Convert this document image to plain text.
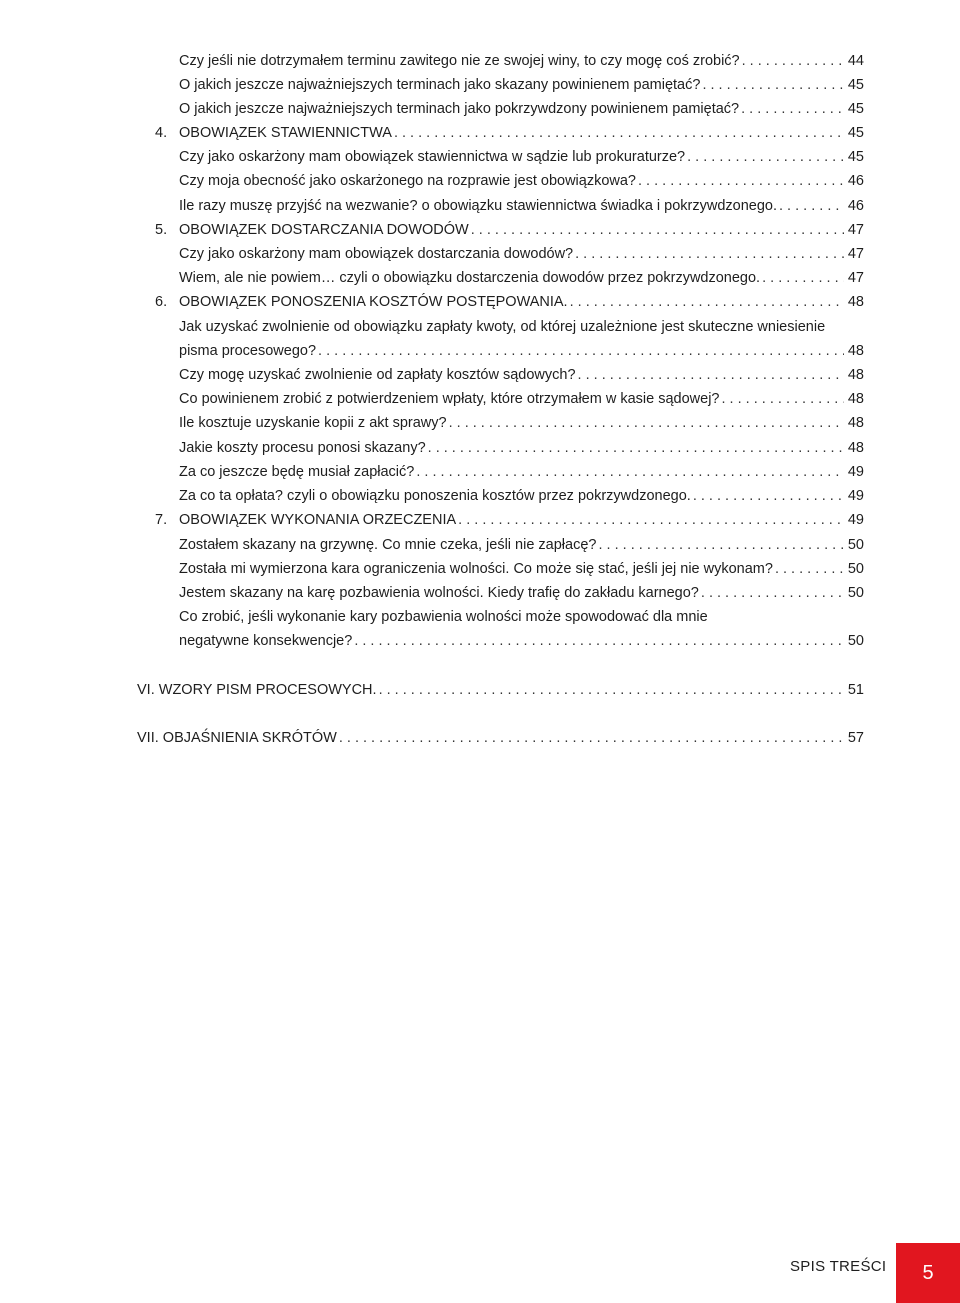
Czy jeśli nie dotrzymałem terminu zawitego nie ze swojej winy, to czy mogę coś zrobić? . . .	44
O jakich jeszcze najważniejszych terminach jako skazany powinienem pamiętać? . . .	45
O jakich jeszcze najważniejszych terminach jako pokrzywdzony powinienem pamiętać? . . .	45
4. OBOWIĄZEK STAWIENNICTWA . . .	45
Czy jako oskarżony mam obowiązek stawiennictwa w sądzie lub prokuraturze? . . .	45
Czy moja obecność jako oskarżonego na rozprawie jest obowiązkowa? . . .	46
Ile razy muszę przyjść na wezwanie? o obowiązku stawiennictwa świadka i pokrzywdzonego. . . .	46
5. OBOWIĄZEK DOSTARCZANIA DOWODÓW . . .	47
Czy jako oskarżony mam obowiązek dostarczania dowodów? . . .	47
Wiem, ale nie powiem… czyli o obowiązku dostarczenia dowodów przez pokrzywdzonego. . . .	47
6. OBOWIĄZEK PONOSZENIA KOSZTÓW POSTĘPOWANIA. . . .	48
Jak uzyskać zwolnienie od obowiązku zapłaty kwoty, od której uzależnione jest skuteczne wniesienie
pisma procesowego? . . .	48
Czy mogę uzyskać zwolnienie od zapłaty kosztów sądowych? . . .	48
Co powinienem zrobić z potwierdzeniem wpłaty, które otrzymałem w kasie sądowej? . . .	48
Ile kosztuje uzyskanie kopii z akt sprawy? . . .	48
Jakie koszty procesu ponosi skazany? . . .	48
Za co jeszcze będę musiał zapłacić? . . .	49
Za co ta opłata? czyli o obowiązku ponoszenia kosztów przez pokrzywdzonego. . . .	49
7. OBOWIĄZEK WYKONANIA ORZECZENIA . . .	49
Zostałem skazany na grzywnę. Co mnie czeka, jeśli nie zapłacę? . . .	50
Została mi wymierzona kara ograniczenia wolności. Co może się stać, jeśli jej nie wykonam? . . .	50
Jestem skazany na karę pozbawienia wolności. Kiedy trafię do zakładu karnego? . . .	50
Co zrobić, jeśli wykonanie kary pozbawienia wolności może spowodować dla mnie
negatywne konsekwencje? . . .	50
VI. WZORY PISM PROCESOWYCH. . . .	51
VII. OBJAŚNIENIA SKRÓTÓW . . .	57
SPIS TREŚCI 5
